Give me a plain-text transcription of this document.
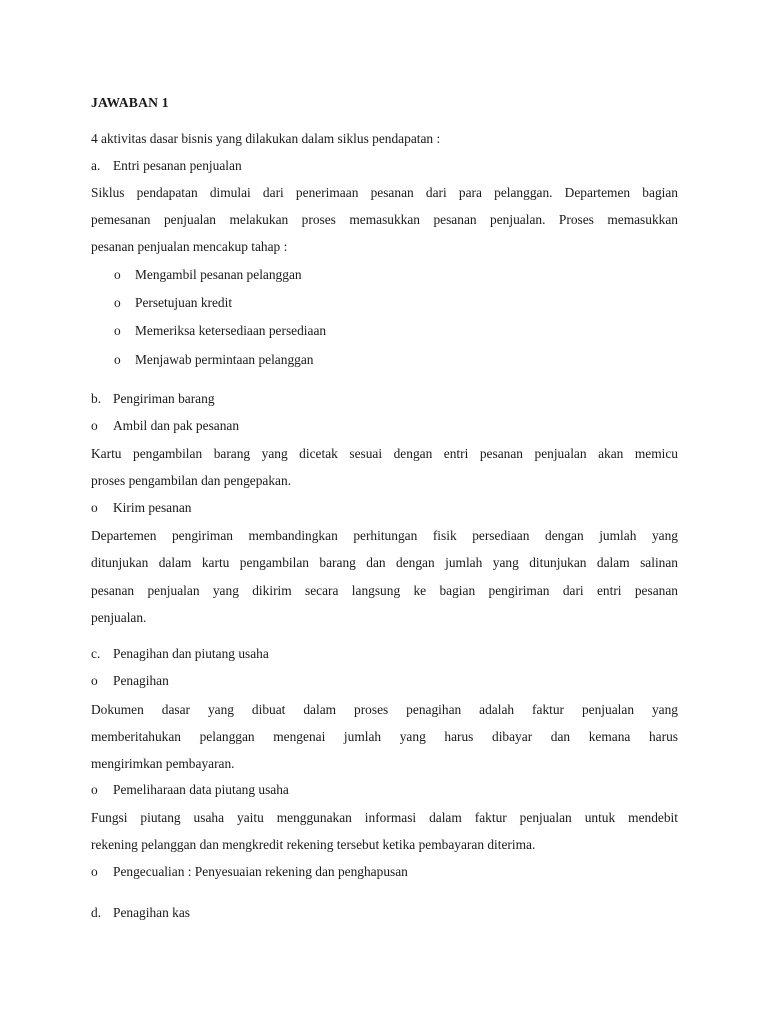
JAWABAN 1

4 aktivitas dasar bisnis yang dilakukan dalam siklus pendapatan :

a. Entri pesanan penjualan

Siklus pendapatan dimulai dari penerimaan pesanan dari para pelanggan. Departemen bagian

pemesanan penjualan melakukan proses memasukkan pesanan penjualan. Proses memasukkan

pesanan penjualan mencakup tahap :

o Mengambil pesanan pelanggan

o Persetujuan kredit

o Memeriksa ketersediaan persediaan

o Menjawab permintaan pelanggan

b. Pengiriman barang

o Ambil dan pak pesanan

Kartu pengambilan barang yang dicetak sesuai dengan entri pesanan penjualan akan memicu

proses pengambilan dan pengepakan.

o Kirim pesanan

Departemen pengiriman membandingkan perhitungan fisik persediaan dengan jumlah yang

ditunjukan dalam kartu pengambilan barang dan dengan jumlah yang ditunjukan dalam salinan

pesanan penjualan yang dikirim secara langsung ke bagian pengiriman dari entri pesanan

penjualan.

c. Penagihan dan piutang usaha

o Penagihan

Dokumen dasar yang dibuat dalam proses penagihan adalah faktur penjualan yang

memberitahukan pelanggan mengenai jumlah yang harus dibayar dan kemana harus

mengirimkan pembayaran.

o Pemeliharaan data piutang usaha

Fungsi piutang usaha yaitu menggunakan informasi dalam faktur penjualan untuk mendebit

rekening pelanggan dan mengkredit rekening tersebut ketika pembayaran diterima.

o Pengecualian : Penyesuaian rekening dan penghapusan

d. Penagihan kas
